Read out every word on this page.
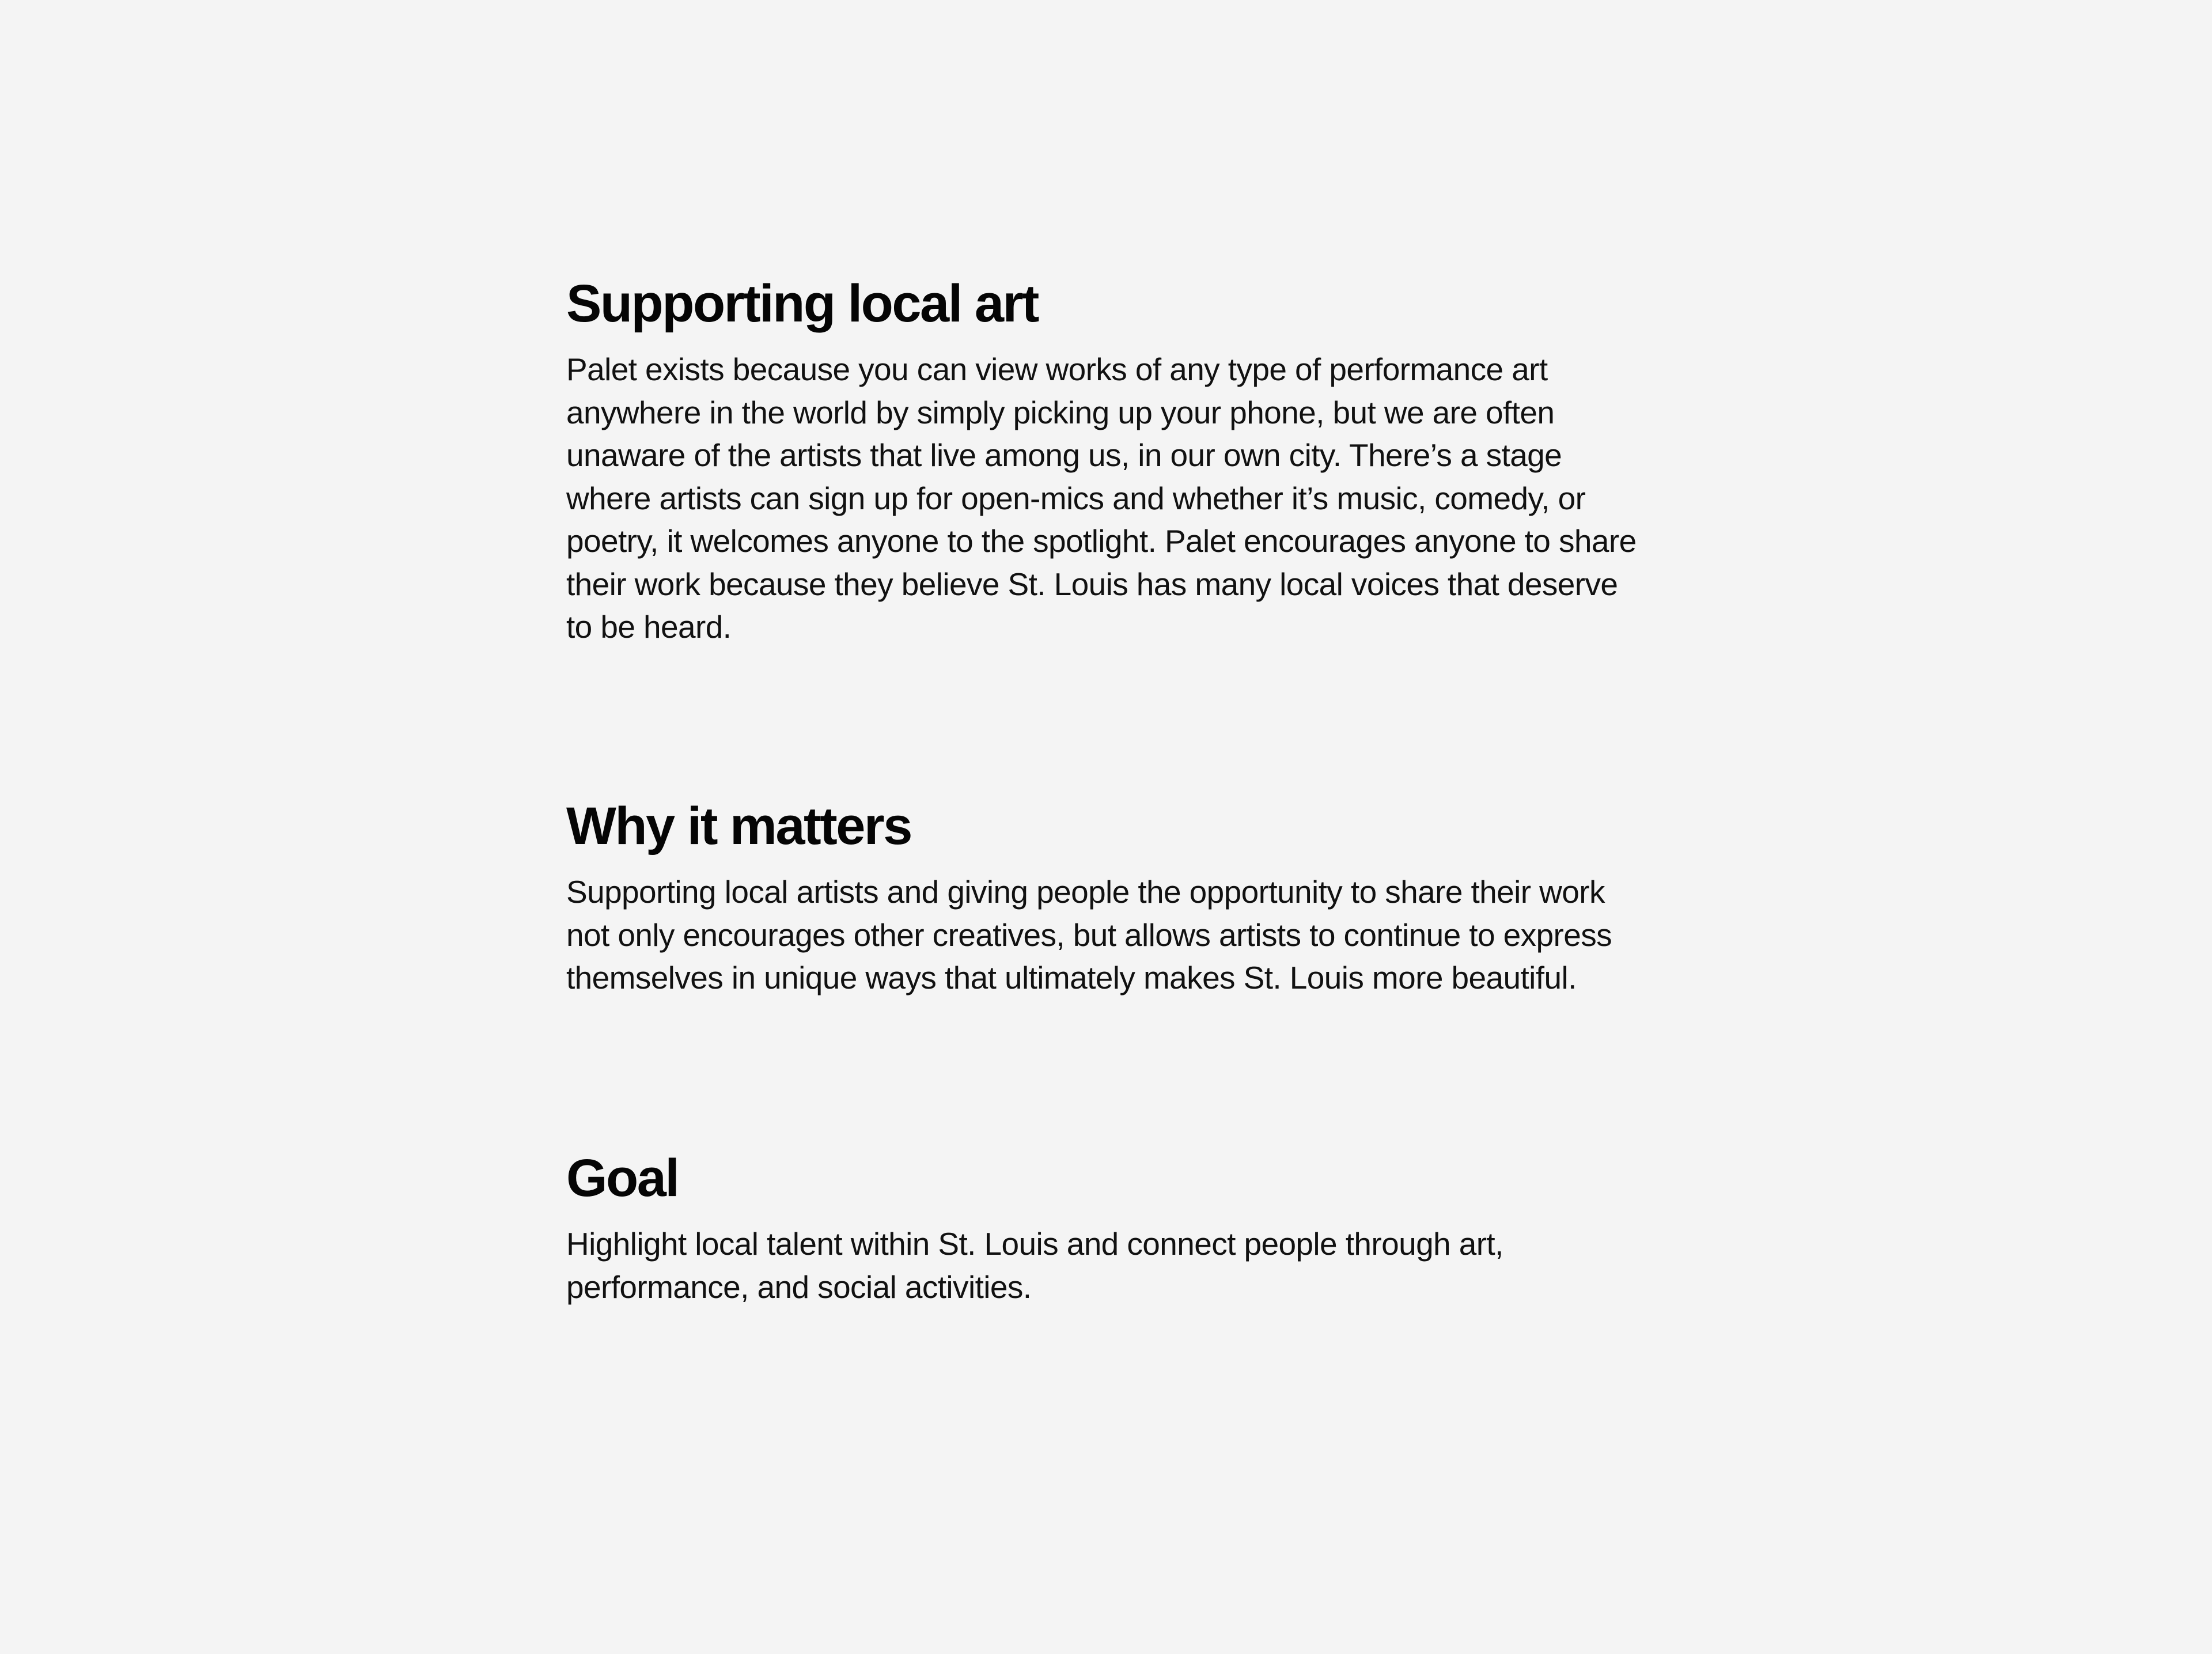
Supporting local art

Palet exists because you can view works of any type of performance art anywhere in the world by simply picking up your phone, but we are often unaware of the artists that live among us, in our own city. There’s a stage where artists can sign up for open-mics and whether it’s music, comedy, or poetry, it welcomes anyone to the spotlight. Palet encourages anyone to share their work because they believe St. Louis has many local voices that deserve to be heard.

Why it matters

Supporting local artists and giving people the opportunity to share their work not only encourages other creatives, but allows artists to continue to express themselves in unique ways that ultimately makes St. Louis more beautiful.

Goal

Highlight local talent within St. Louis and connect people through art, performance, and social activities.
